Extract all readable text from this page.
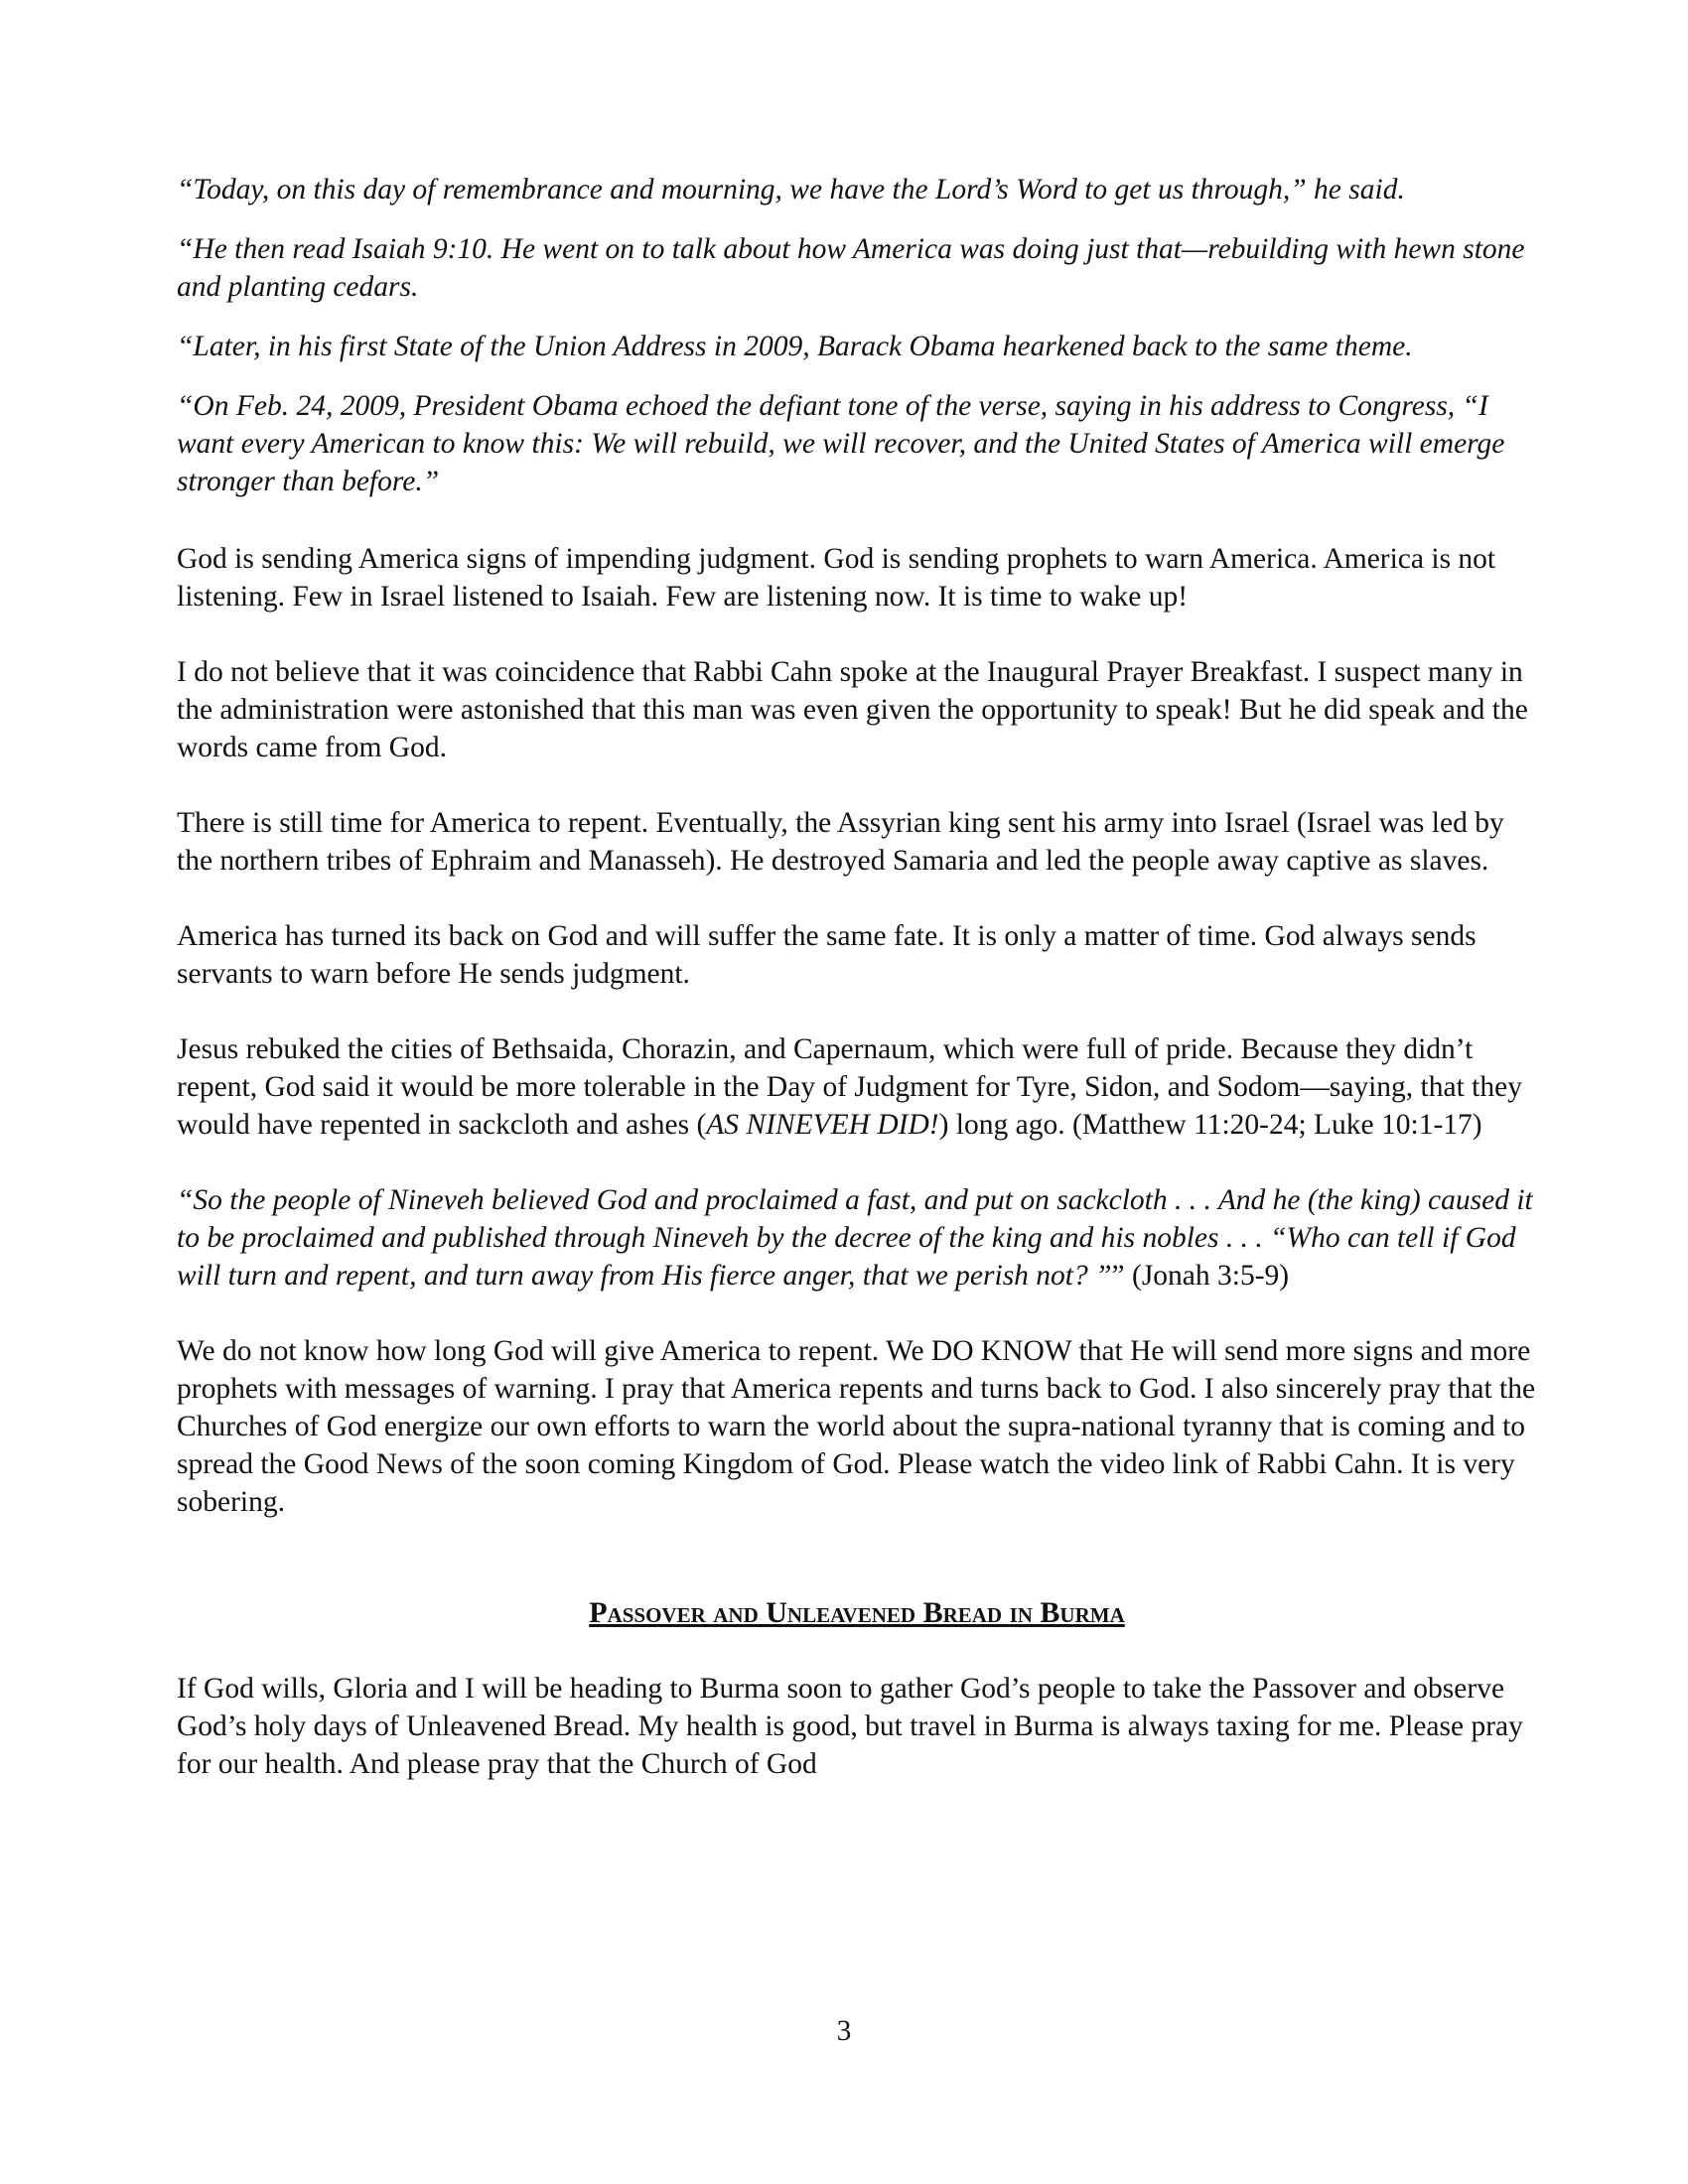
“Today, on this day of remembrance and mourning, we have the Lord’s Word to get us through,” he said.

“He then read Isaiah 9:10. He went on to talk about how America was doing just that—rebuilding with hewn stone and planting cedars.

“Later, in his first State of the Union Address in 2009, Barack Obama hearkened back to the same theme.

“On Feb. 24, 2009, President Obama echoed the defiant tone of the verse, saying in his address to Congress, “I want every American to know this: We will rebuild, we will recover, and the United States of America will emerge stronger than before.”

God is sending America signs of impending judgment. God is sending prophets to warn America. America is not listening. Few in Israel listened to Isaiah. Few are listening now. It is time to wake up!

I do not believe that it was coincidence that Rabbi Cahn spoke at the Inaugural Prayer Breakfast. I suspect many in the administration were astonished that this man was even given the opportunity to speak! But he did speak and the words came from God.

There is still time for America to repent. Eventually, the Assyrian king sent his army into Israel (Israel was led by the northern tribes of Ephraim and Manasseh). He destroyed Samaria and led the people away captive as slaves.

America has turned its back on God and will suffer the same fate. It is only a matter of time. God always sends servants to warn before He sends judgment.

Jesus rebuked the cities of Bethsaida, Chorazin, and Capernaum, which were full of pride. Because they didn’t repent, God said it would be more tolerable in the Day of Judgment for Tyre, Sidon, and Sodom—saying, that they would have repented in sackcloth and ashes (AS NINEVEH DID!) long ago. (Matthew 11:20-24; Luke 10:1-17)

“So the people of Nineveh believed God and proclaimed a fast, and put on sackcloth . . . And he (the king) caused it to be proclaimed and published through Nineveh by the decree of the king and his nobles . . . “Who can tell if God will turn and repent, and turn away from His fierce anger, that we perish not? ”” (Jonah 3:5-9)

We do not know how long God will give America to repent. We DO KNOW that He will send more signs and more prophets with messages of warning. I pray that America repents and turns back to God. I also sincerely pray that the Churches of God energize our own efforts to warn the world about the supra-national tyranny that is coming and to spread the Good News of the soon coming Kingdom of God. Please watch the video link of Rabbi Cahn. It is very sobering.

Passover and Unleavened Bread in Burma

If God wills, Gloria and I will be heading to Burma soon to gather God’s people to take the Passover and observe God’s holy days of Unleavened Bread. My health is good, but travel in Burma is always taxing for me. Please pray for our health. And please pray that the Church of God

3
